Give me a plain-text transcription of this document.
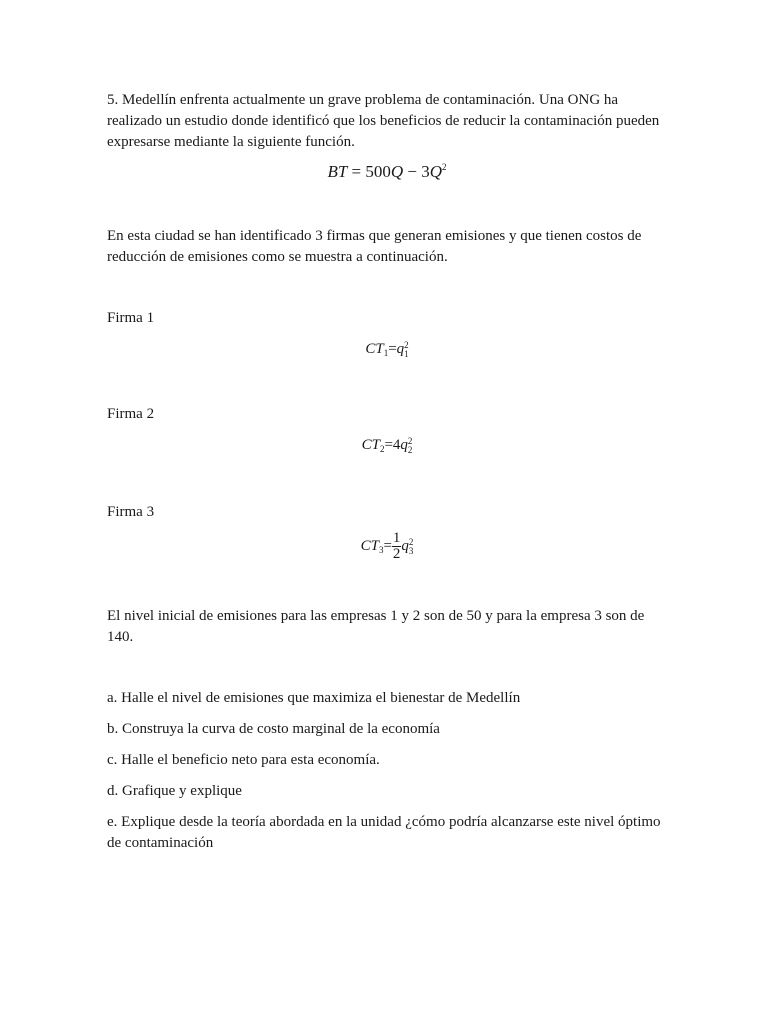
5. Medellín enfrenta actualmente un grave problema de contaminación. Una ONG ha realizado un estudio donde identificó que los beneficios de reducir la contaminación pueden expresarse mediante la siguiente función.

BT = $500Q - 3Q^2$

En esta ciudad se han identificado 3 firmas que generan emisiones y que tienen costos de reducción de emisiones como se muestra a continuación.

Firma 1

$CT_1=q$ 2
1

Firma 2

$CT_2=4q$ 2
2

Firma 3

$CT_3= \frac{1}{2}$ q 2
3

El nivel inicial de emisiones para las empresas 1 y 2 son de 50 y para la empresa 3 son de 140.

a. Halle el nivel de emisiones que maximiza el bienestar de Medellín

b. Construya la curva de costo marginal de la economía

c. Halle el beneficio neto para esta economía.

d. Grafique y explique

e. Explique desde la teoría abordada en la unidad ¿cómo podría alcanzarse este nivel óptimo de contaminación
